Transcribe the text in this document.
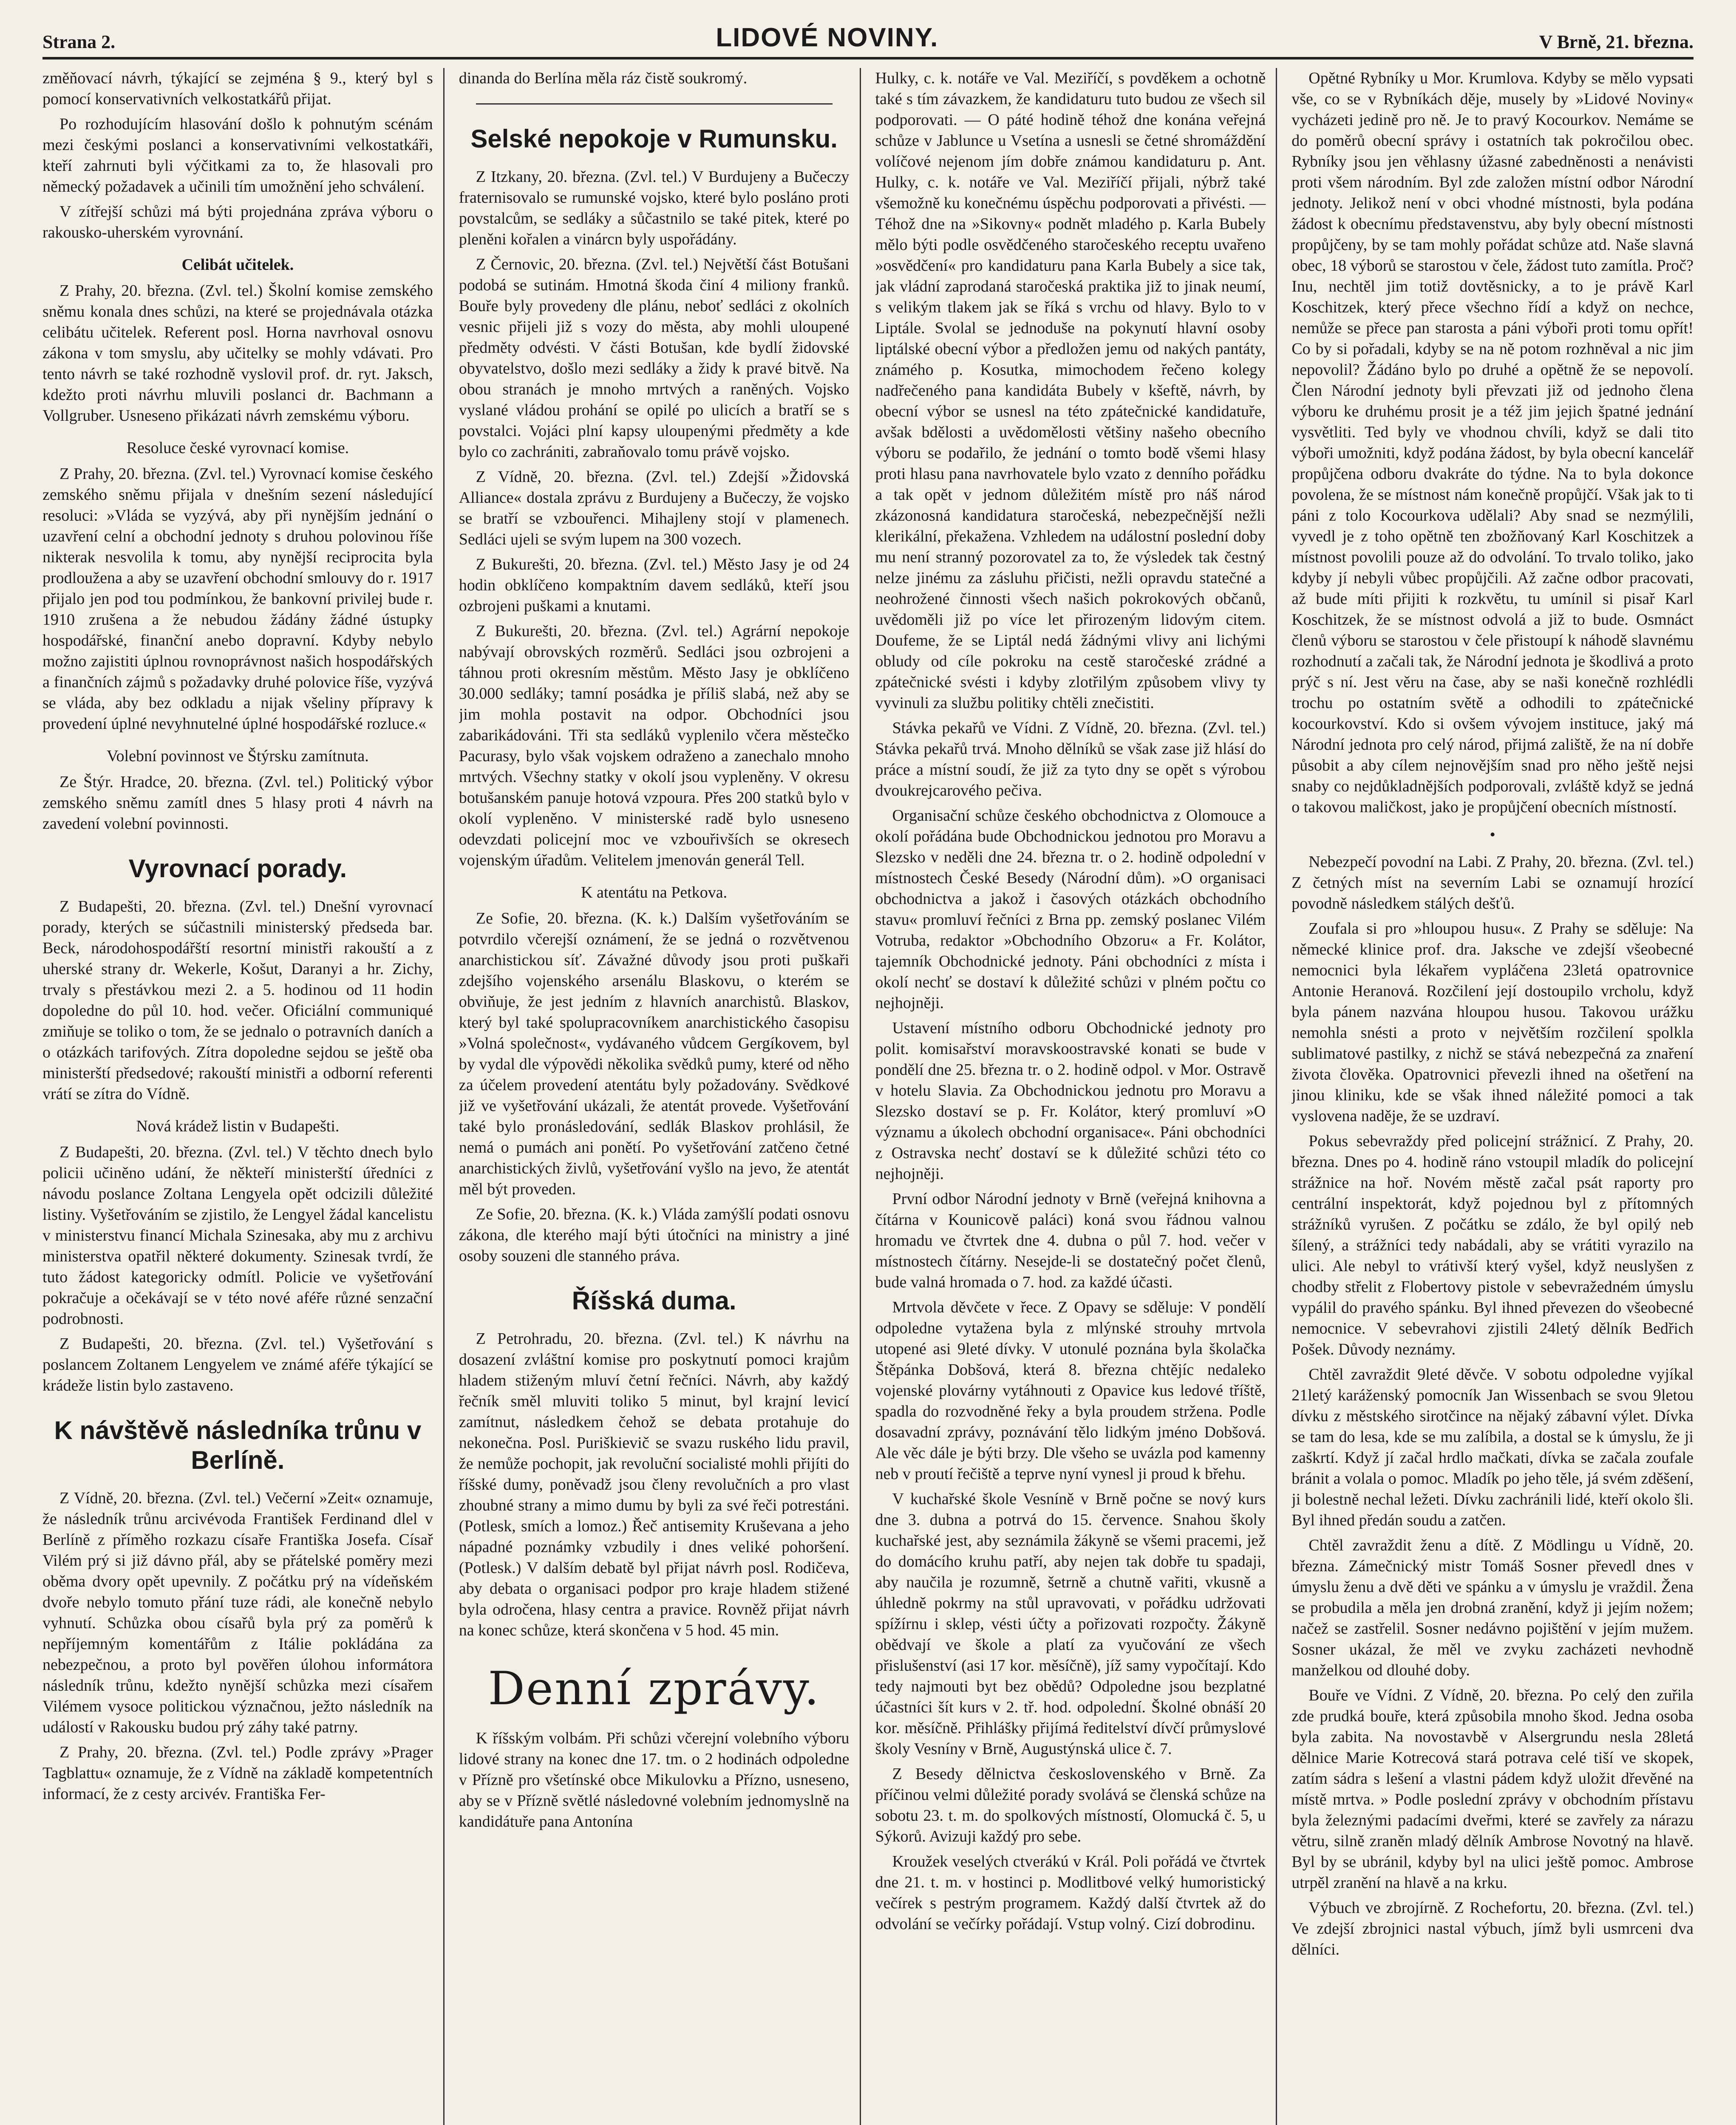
Strana 2.	LIDOVÉ NOVINY.	V Brně, 21. března.

změňovací návrh, týkající se zejména § 9., který byl s pomocí konservativních velkostatkářů přijat.

Po rozhodujícím hlasování došlo k pohnutým scénám mezi českými poslanci a konservativními velkostatkáři, kteří zahrnuti byli výčitkami za to, že hlasovali pro německý požadavek a učinili tím umožnění jeho schválení.

V zítřejší schůzi má býti projednána zpráva výboru o rakousko-uherském vyrovnání.

Celibát učitelek.

Z Prahy, 20. března. (Zvl. tel.) Školní komise zemského sněmu konala dnes schůzi, na které se projednávala otázka celibátu učitelek. Referent posl. Horna navrhoval osnovu zákona v tom smyslu, aby učitelky se mohly vdávati. Pro tento návrh se také rozhodně vyslovil prof. dr. ryt. Jaksch, kdežto proti návrhu mluvili poslanci dr. Bachmann a Vollgruber. Usneseno přikázati návrh zemskému výboru.

Resoluce české vyrovnací komise.

Z Prahy, 20. března. (Zvl. tel.) Vyrovnací komise českého zemského sněmu přijala v dnešním sezení následující resoluci: »Vláda se vyzývá, aby při nynějším jednání o uzavření celní a obchodní jednoty s druhou polovinou říše nikterak nesvolila k tomu, aby nynější reciprocita byla prodloužena a aby se uzavření obchodní smlouvy do r. 1917 přijalo jen pod tou podmínkou, že bankovní privilej bude r. 1910 zrušena a že nebudou žádány žádné ústupky hospodářské, finanční anebo dopravní. Kdyby nebylo možno zajistiti úplnou rovnoprávnost našich hospodářských a finančních zájmů s požadavky druhé polovice říše, vyzývá se vláda, aby bez odkladu a nijak všeliny přípravy k provedení úplné nevyhnutelné úplné hospodářské rozluce.«

Volební povinnost ve Štýrsku zamítnuta.

Ze Štýr. Hradce, 20. března. (Zvl. tel.) Politický výbor zemského sněmu zamítl dnes 5 hlasy proti 4 návrh na zavedení volební povinnosti.

Vyrovnací porady.

Z Budapešti, 20. března. (Zvl. tel.) Dnešní vyrovnací porady, kterých se súčastnili ministerský předseda bar. Beck, národohospodářští resortní ministři rakouští a z uherské strany dr. Wekerle, Košut, Daranyi a hr. Zichy, trvaly s přestávkou mezi 2. a 5. hodinou od 11 hodin dopoledne do půl 10. hod. večer. Oficiální communiqué zmiňuje se toliko o tom, že se jednalo o potravních daních a o otázkách tarifových. Zítra dopoledne sejdou se ještě oba ministerští předsedové; rakouští ministři a odborní referenti vrátí se zítra do Vídně.

Nová krádež listin v Budapešti.

Z Budapešti, 20. března. (Zvl. tel.) V těchto dnech bylo policii učiněno udání, že někteří ministerští úředníci z návodu poslance Zoltana Lengyela opět odcizili důležité listiny. Vyšetřováním se zjistilo, že Lengyel žádal kancelistu v ministerstvu financí Michala Szinesaka, aby mu z archivu ministerstva opatřil některé dokumenty. Szinesak tvrdí, že tuto žádost kategoricky odmítl. Policie ve vyšetřování pokračuje a očekávají se v této nové aféře různé senzační podrobnosti.

Z Budapešti, 20. března. (Zvl. tel.) Vyšetřování s poslancem Zoltanem Lengyelem ve známé aféře týkající se krádeže listin bylo zastaveno.

K návštěvě následníka trůnu v Berlíně.

Z Vídně, 20. března. (Zvl. tel.) Večerní »Zeit« oznamuje, že následník trůnu arcivévoda František Ferdinand dlel v Berlíně z příměho rozkazu císaře Františka Josefa. Císař Vilém prý si již dávno přál, aby se přátelské poměry mezi oběma dvory opět upevnily. Z počátku prý na vídeňském dvoře nebylo tomuto přání tuze rádi, ale konečně nebylo vyhnutí. Schůzka obou císařů byla prý za poměrů k nepříjemným komentářům z Itálie pokládána za nebezpečnou, a proto byl pověřen úlohou informátora následník trůnu, kdežto nynější schůzka mezi císařem Vilémem vysoce politickou význačnou, ježto následník na událostí v Rakousku budou prý záhy také patrny.

Z Prahy, 20. března. (Zvl. tel.) Podle zprávy »Prager Tagblattu« oznamuje, že z Vídně na základě kompetentních informací, že z cesty arcivév. Františka Fer-

dinanda do Berlína měla ráz čistě soukromý.

Selské nepokoje v Rumunsku.

Z Itzkany, 20. března. (Zvl. tel.) V Burdujeny a Bučeczy fraternisovalo se rumunské vojsko, které bylo posláno proti povstalcům, se sedláky a sůčastnilo se také pitek, které po pleněni kořalen a vinárcn byly uspořádány.

Z Černovic, 20. března. (Zvl. tel.) Největší část Botušani podobá se sutinám. Hmotná škoda činí 4 miliony franků. Bouře byly provedeny dle plánu, neboť sedláci z okolních vesnic přijeli již s vozy do města, aby mohli uloupené předměty odvésti. V části Botušan, kde bydlí židovské obyvatelstvo, došlo mezi sedláky a židy k pravé bitvě. Na obou stranách je mnoho mrtvých a raněných. Vojsko vyslané vládou prohání se opilé po ulicích a bratří se s povstalci. Vojáci plní kapsy uloupenými předměty a kde bylo co zachrániti, zabraňovalo tomu právě vojsko.

Z Vídně, 20. března. (Zvl. tel.) Zdejší »Židovská Alliance« dostala zprávu z Burdujeny a Bučeczy, že vojsko se bratří se vzbouřenci. Mihajleny stojí v plamenech. Sedláci ujeli se svým lupem na 300 vozech.

Z Bukurešti, 20. března. (Zvl. tel.) Město Jasy je od 24 hodin obklíčeno kompaktním davem sedláků, kteří jsou ozbrojeni puškami a knutami.

Z Bukurešti, 20. března. (Zvl. tel.) Agrární nepokoje nabývají obrovských rozměrů. Sedláci jsou ozbrojeni a táhnou proti okresním městům. Město Jasy je obklíčeno 30.000 sedláky; tamní posádka je příliš slabá, než aby se jim mohla postavit na odpor. Obchodníci jsou zabarikádováni. Tři sta sedláků vyplenilo včera městečko Pacurasy, bylo však vojskem odraženo a zanechalo mnoho mrtvých. Všechny statky v okolí jsou vypleněny. V okresu botušanském panuje hotová vzpoura. Přes 200 statků bylo v okolí vypleněno. V ministerské radě bylo usneseno odevzdati policejní moc ve vzbouřivších se okresech vojenským úřadům. Velitelem jmenován generál Tell.

K atentátu na Petkova.

Ze Sofie, 20. března. (K. k.) Dalším vyšetřováním se potvrdilo včerejší oznámení, že se jedná o rozvětvenou anarchistickou síť. Závažné důvody jsou proti puškaři zdejšího vojenského arsenálu Blaskovu, o kterém se obviňuje, že jest jedním z hlavních anarchistů. Blaskov, který byl také spolupracovníkem anarchistického časopisu »Volná společnost«, vydávaného vůdcem Gergíkovem, byl by vydal dle výpovědi několika svědků pumy, které od něho za účelem provedení atentátu byly požadovány. Svědkové již ve vyšetřování ukázali, že atentát provede. Vyšetřování také bylo pronásledování, sedlák Blaskov prohlásil, že nemá o pumách ani ponětí. Po vyšetřování zatčeno četné anarchistických živlů, vyšetřování vyšlo na jevo, že atentát měl být proveden.

Ze Sofie, 20. března. (K. k.) Vláda zamýšlí podati osnovu zákona, dle kterého mají býti útočníci na ministry a jiné osoby souzeni dle stanného práva.

Říšská duma.

Z Petrohradu, 20. března. (Zvl. tel.) K návrhu na dosazení zvláštní komise pro poskytnutí pomoci krajům hladem stiženým mluví četní řečníci. Návrh, aby každý řečník směl mluviti toliko 5 minut, byl krajní levicí zamítnut, následkem čehož se debata protahuje do nekonečna. Posl. Puriškievič se svazu ruského lidu pravil, že nemůže pochopit, jak revoluční socialisté mohli přijíti do říšské dumy, poněvadž jsou členy revolučních a pro vlast zhoubné strany a mimo dumu by byli za své řeči potrestáni. (Potlesk, smích a lomoz.) Řeč antisemity Kruševana a jeho nápadné poznámky vzbudily i dnes veliké pohoršení. (Potlesk.) V dalším debatě byl přijat návrh posl. Rodičeva, aby debata o organisaci podpor pro kraje hladem stižené byla odročena, hlasy centra a pravice. Rovněž přijat návrh na konec schůze, která skončena v 5 hod. 45 min.

Denní zprávy.

K říšským volbám. Při schůzi včerejní volebního výboru lidové strany na konec dne 17. tm. o 2 hodinách odpoledne v Přízně pro všetínské obce Mikulovku a Přízno, usneseno, aby se v Přízně světlé následovné volebním jednomyslně na kandidátuře pana Antonína

Hulky, c. k. notáře ve Val. Meziříčí, s povděkem a ochotně také s tím závazkem, že kandidaturu tuto budou ze všech sil podporovati. — O páté hodině téhož dne konána veřejná schůze v Jablunce u Vsetína a usnesli se četné shromáždění volíčové nejenom jím dobře známou kandidaturu p. Ant. Hulky, c. k. notáře ve Val. Meziříčí přijali, nýbrž také všemožně ku konečnému úspěchu podporovati a přivésti. — Téhož dne na »Sikovny« podnět mladého p. Karla Bubely mělo býti podle osvědčeného staročeského receptu uvařeno »osvědčení« pro kandidaturu pana Karla Bubely a sice tak, jak vládní zaprodaná staročeská praktika již to jinak neumí, s velikým tlakem jak se říká s vrchu od hlavy. Bylo to v Liptále. Svolal se jednoduše na pokynutí hlavní osoby liptálské obecní výbor a předložen jemu od nakých pantáty, známého p. Kosutka, mimochodem řečeno kolegy nadřečeného pana kandidáta Bubely v kšeftě, návrh, by obecní výbor se usnesl na této zpátečnické kandidatuře, avšak bdělosti a uvědomělosti většiny našeho obecního výboru se podařilo, že jednání o tomto bodě všemi hlasy proti hlasu pana navrhovatele bylo vzato z denního pořádku a tak opět v jednom důležitém místě pro náš národ zkázonosná kandidatura staročeská, nebezpečnější nežli klerikální, překažena. Vzhledem na událostní poslední doby mu není stranný pozorovatel za to, že výsledek tak čestný nelze jinému za zásluhu přičisti, nežli opravdu statečné a neohrožené činnosti všech našich pokrokových občanů, uvědoměli již po více let přirozeným lidovým citem. Doufeme, že se Liptál nedá žádnými vlivy ani lichými obludy od cíle pokroku na cestě staročeské zrádné a zpátečnické svésti i kdyby zlotřilým způsobem vlivy ty vyvinuli za službu politiky chtěli znečistiti.

Stávka pekařů ve Vídni. Z Vídně, 20. března. (Zvl. tel.) Stávka pekařů trvá. Mnoho dělníků se však zase již hlásí do práce a místní soudí, že již za tyto dny se opět s výrobou dvoukrejcarového pečiva.

Organisační schůze českého obchodnictva z Olomouce a okolí pořádána bude Obchodnickou jednotou pro Moravu a Slezsko v neděli dne 24. března tr. o 2. hodině odpolední v místnostech České Besedy (Národní dům). »O organisaci obchodnictva a jakož i časových otázkách obchodního stavu« promluví řečníci z Brna pp. zemský poslanec Vilém Votruba, redaktor »Obchodního Obzoru« a Fr. Kolátor, tajemník Obchodnické jednoty. Páni obchodníci z místa i okolí nechť se dostaví k důležité schůzi v plném počtu co nejhojněji.

Ustavení místního odboru Obchodnické jednoty pro polit. komisařství moravskoostravské konati se bude v pondělí dne 25. března tr. o 2. hodině odpol. v Mor. Ostravě v hotelu Slavia. Za Obchodnickou jednotu pro Moravu a Slezsko dostaví se p. Fr. Kolátor, který promluví »O významu a úkolech obchodní organisace«. Páni obchodníci z Ostravska nechť dostaví se k důležité schůzi této co nejhojněji.

První odbor Národní jednoty v Brně (veřejná knihovna a čítárna v Kounicově paláci) koná svou řádnou valnou hromadu ve čtvrtek dne 4. dubna o půl 7. hod. večer v místnostech čítárny. Nesejde-li se dostatečný počet členů, bude valná hromada o 7. hod. za každé účasti.

Mrtvola děvčete v řece. Z Opavy se sděluje: V pondělí odpoledne vytažena byla z mlýnské strouhy mrtvola utopené asi 9leté dívky. V utonulé poznána byla školačka Štěpánka Dobšová, která 8. března chtějíc nedaleko vojenské plovárny vytáhnouti z Opavice kus ledové tříště, spadla do rozvodněné řeky a byla proudem stržena. Podle dosavadní zprávy, poznávání tělo lidkým jméno Dobšová. Ale věc dále je býti brzy. Dle všeho se uvázla pod kamenny neb v proutí řečiště a teprve nyní vynesl ji proud k břehu.

V kuchařské škole Vesníně v Brně počne se nový kurs dne 3. dubna a potrvá do 15. července. Snahou školy kuchařské jest, aby seznámila žákyně se všemi pracemi, jež do domácího kruhu patří, aby nejen tak dobře tu spadaji, aby naučila je rozumně, šetrně a chutně vařiti, vkusně a úhledně pokrmy na stůl upravovati, v pořádku udržovati spížírnu i sklep, vésti účty a pořizovati rozpočty. Žákyně obědvají ve škole a platí za vyučování ze všech přislušenství (asi 17 kor. měsíčně), jíž samy vypočítají. Kdo tedy najmouti byt bez obědů? Odpoledne jsou bezplatné účastníci šít kurs v 2. tř. hod. odpolední. Školné obnáší 20 kor. měsíčně. Přihlášky přijímá ředitelství dívčí průmyslové školy Vesníny v Brně, Augustýnská ulice č. 7.

Z Besedy dělnictva československého v Brně. Za příčinou velmi důležité porady svolává se členská schůze na sobotu 23. t. m. do spolkových místností, Olomucká č. 5, u Sýkorů. Avizuji každý pro sebe.

Kroužek veselých ctverákú v Král. Poli pořádá ve čtvrtek dne 21. t. m. v hostinci p. Modlitbové velký humoristický večírek s pestrým programem. Každý další čtvrtek až do odvolání se večírky pořádají. Vstup volný. Cizí dobrodinu.

Opětné Rybníky u Mor. Krumlova. Kdyby se mělo vypsati vše, co se v Rybníkách děje, musely by »Lidové Noviny« vycházeti jedině pro ně. Je to pravý Kocourkov. Nemáme se do poměrů obecní správy i ostatních tak pokročilou obec. Rybníky jsou jen věhlasny úžasné zabedněnosti a nenávisti proti všem národním. Byl zde založen místní odbor Národní jednoty. Jelikož není v obci vhodné místnosti, byla podána žádost k obecnímu představenstvu, aby byly obecní místnosti propůjčeny, by se tam mohly pořádat schůze atd. Naše slavná obec, 18 výborů se starostou v čele, žádost tuto zamítla. Proč? Inu, nechtěl jim totiž dovtěsnicky, a to je právě Karl Koschitzek, který přece všechno řídí a když on nechce, nemůže se přece pan starosta a páni výboři proti tomu opřít! Co by si pořadali, kdyby se na ně potom rozhněval a nic jim nepovolil? Žádáno bylo po druhé a opětně že se nepovolí. Člen Národní jednoty byli převzati již od jednoho člena výboru ke druhému prosit je a též jim jejich špatné jednání vysvětliti. Ted byly ve vhodnou chvíli, když se dali tito výboři umožniti, když podána žádost, by byla obecní kancelář propůjčena odboru dvakráte do týdne. Na to byla dokonce povolena, že se místnost nám konečně propůjčí. Však jak to ti páni z tolo Kocourkova udělali? Aby snad se nezmýlili, vyvedl je z toho opětně ten zbožňovaný Karl Koschitzek a místnost povolili pouze až do odvolání. To trvalo toliko, jako kdyby jí nebyli vůbec propůjčili. Až začne odbor pracovati, až bude míti přijiti k rozkvětu, tu umínil si pisař Karl Koschitzek, že se místnost odvolá a již to bude. Osmnáct členů výboru se starostou v čele přistoupí k náhodě slavnému rozhodnutí a začali tak, že Národní jednota je škodlivá a proto prýč s ní. Jest věru na čase, aby se naši konečně rozhlédli trochu po ostatním světě a odhodili to zpátečnické kocourkovství. Kdo si ovšem vývojem instituce, jaký má Národní jednota pro celý národ, přijmá zaliště, že na ní dobře působit a aby cílem nejnovějším snad pro něho ještě nejsi snaby co nejdůkladnějších podporovali, zvláště když se jedná o takovou maličkost, jako je propůjčení obecních místností.

•

Nebezpečí povodní na Labi. Z Prahy, 20. března. (Zvl. tel.) Z četných míst na severním Labi se oznamují hrozící povodně následkem stálých dešťů.

Zoufala si pro »hloupou husu«. Z Prahy se sděluje: Na německé klinice prof. dra. Jaksche ve zdejší všeobecné nemocnici byla lékařem vypláčena 23letá opatrovnice Antonie Heranová. Rozčilení její dostoupilo vrcholu, když byla pánem nazvána hloupou husou. Takovou urážku nemohla snésti a proto v největším rozčilení spolkla sublimatové pastilky, z nichž se stává nebezpečná za znaření života člověka. Opatrovnici převezli ihned na ošetření na jinou kliniku, kde se však ihned náležité pomoci a tak vyslovena naděje, že se uzdraví.

Pokus sebevraždy před policejní strážnicí. Z Prahy, 20. března. Dnes po 4. hodině ráno vstoupil mladík do policejní strážnice na hoř. Novém městě začal psát raporty pro centrální inspektorát, když pojednou byl z přítomných strážníků vyrušen. Z počátku se zdálo, že byl opilý neb šílený, a strážníci tedy nabádali, aby se vrátiti vyrazilo na ulici. Ale nebyl to vrátivší který vyšel, když neuslyšen z chodby střelit z Flobertovy pistole v sebevražedném úmyslu vypálil do pravého spánku. Byl ihned převezen do všeobecné nemocnice. V sebevrahovi zjistili 24letý dělník Bedřich Pošek. Důvody neznámy.

Chtěl zavraždit 9leté děvče. V sobotu odpoledne vyjíkal 21letý karáženský pomocník Jan Wissenbach se svou 9letou dívku z městského sirotčince na nějaký zábavní výlet. Dívka se tam do lesa, kde se mu zalíbila, a dostal se k úmyslu, že ji zaškrtí. Když jí začal hrdlo mačkati, dívka se začala zoufale bránit a volala o pomoc. Mladík po jeho těle, já svém zděšení, ji bolestně nechal ležeti. Dívku zachránili lidé, kteří okolo šli. Byl ihned předán soudu a zatčen.

Chtěl zavraždit ženu a dítě. Z Mödlingu u Vídně, 20. března. Zámečnický mistr Tomáš Sosner převedl dnes v úmyslu ženu a dvě děti ve spánku a v úmyslu je vraždil. Žena se probudila a měla jen drobná zranění, když ji jejím nožem; načež se zastřelil. Sosner nedávno pojištění v jejím mužem. Sosner ukázal, že měl ve zvyku zacházeti nevhodně manželkou od dlouhé doby.

Bouře ve Vídni. Z Vídně, 20. března. Po celý den zuřila zde prudká bouře, která způsobila mnoho škod. Jedna osoba byla zabita. Na novostavbě v Alsergrundu nesla 28letá dělnice Marie Kotrecová stará potrava celé tiší ve skopek, zatím sádra s lešení a vlastni pádem když uložit dřevěné na místě mrtva. » Podle poslední zprávy v obchodním přístavu byla železnými padacími dveřmi, které se zavřely za nárazu větru, silně zraněn mladý dělník Ambrose Novotný na hlavě. Byl by se ubránil, kdyby byl na ulici ještě pomoc. Ambrose utrpěl zranění na hlavě a na krku.

Výbuch ve zbrojírně. Z Rochefortu, 20. března. (Zvl. tel.) Ve zdejší zbrojnici nastal výbuch, jímž byli usmrceni dva dělníci.
